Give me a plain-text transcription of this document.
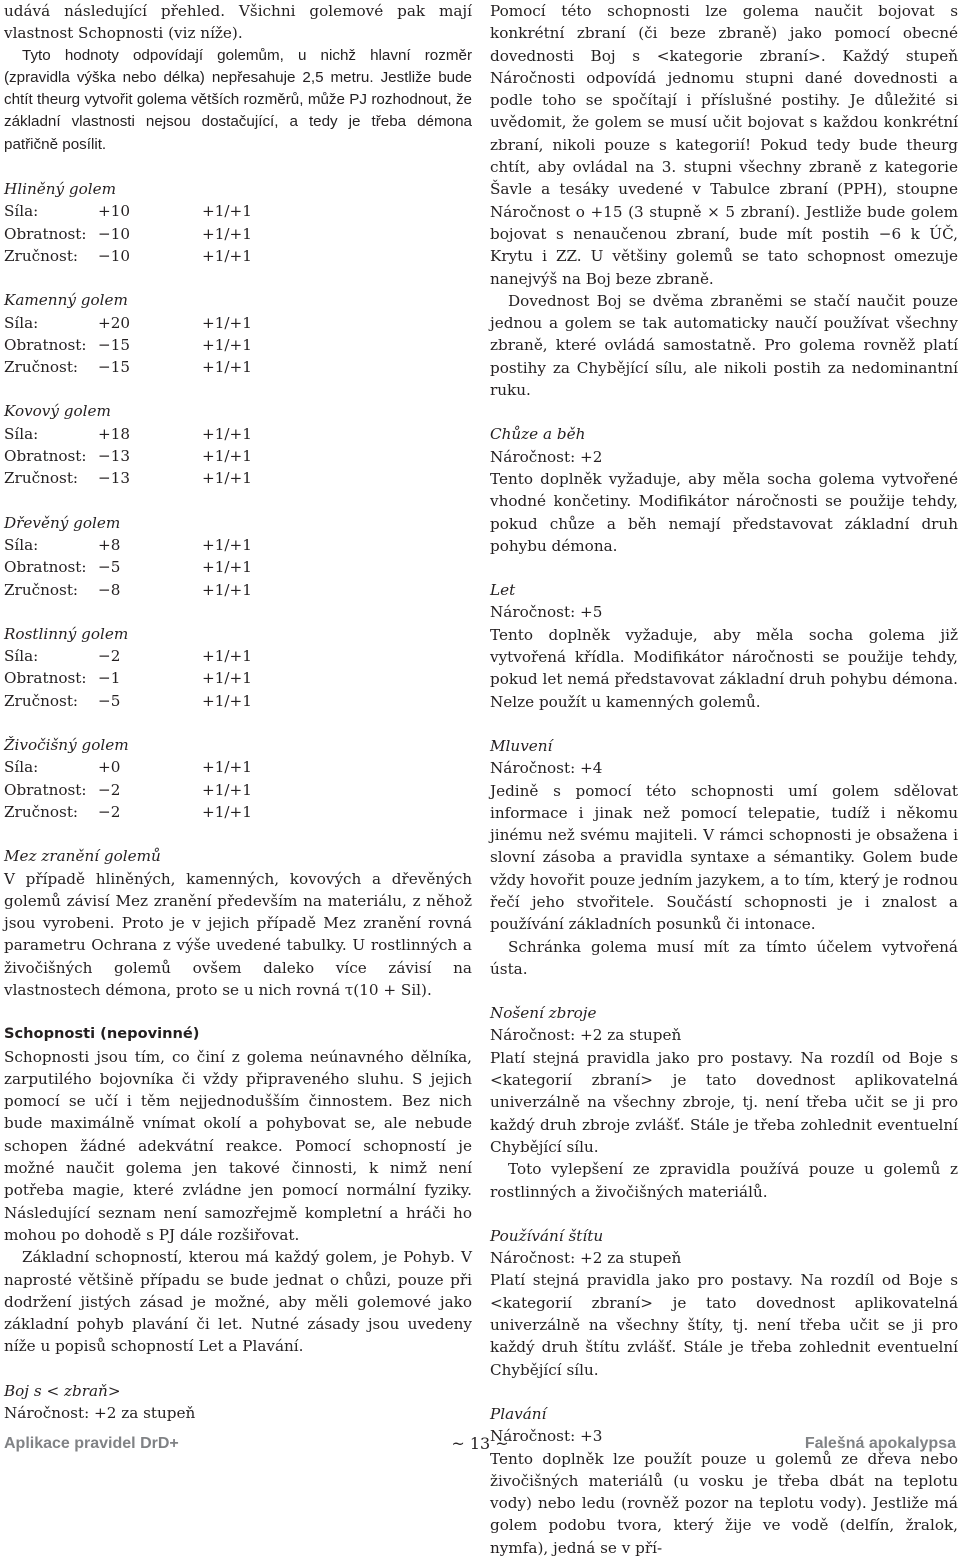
udává následující přehled. Všichni golemové pak mají vlastnost Schopnosti (viz níže).

Tyto hodnoty odpovídají golemům, u nichž hlavní rozměr (zpravidla výška nebo délka) nepřesahuje 2,5 metru. Jestliže bude chtít theurg vytvořit golema větších rozměrů, může PJ rozhodnout, že základní vlastnosti nejsou dostačující, a tedy je třeba démona patřičně posílit.

Hliněný golem

Síla:	+10	+1/+1
Obratnost: −10	+1/+1
Zručnost:	−10	+1/+1

Kamenný golem

Síla:	+20	+1/+1
Obratnost: −15	+1/+1
Zručnost:	−15	+1/+1

Kovový golem

Síla:	+18	+1/+1
Obratnost: −13	+1/+1
Zručnost:	−13	+1/+1

Dřevěný golem

Síla:	+8	+1/+1
Obratnost: −5	+1/+1
Zručnost:	−8	+1/+1

Rostlinný golem

Síla:	−2	+1/+1
Obratnost: −1	+1/+1
Zručnost:	−5	+1/+1

Živočišný golem

Síla:	+0	+1/+1
Obratnost: −2	+1/+1
Zručnost:	−2	+1/+1

Mez zranění golemů

V případě hliněných, kamenných, kovových a dřevěných golemů závisí Mez zranění především na materiálu, z něhož jsou vyrobeni. Proto je v jejich případě Mez zranění rovná parametru Ochrana z výše uvedené tabulky. U rostlinných a živočišných golemů ovšem daleko více závisí na vlastnostech démona, proto se u nich rovná τ(10 + Sil).

Schopnosti (nepovinné)

Schopnosti jsou tím, co činí z golema neúnavného dělníka, zarputilého bojovníka či vždy připraveného sluhu. S jejich pomocí se učí i těm nejjednodušším činnostem. Bez nich bude maximálně vnímat okolí a pohybovat se, ale nebude schopen žádné adekvátní reakce. Pomocí schopností je možné naučit golema jen takové činnosti, k nimž není potřeba magie, které zvládne jen pomocí normální fyziky. Následující seznam není samozřejmě kompletní a hráči ho mohou po dohodě s PJ dále rozšiřovat.

Základní schopností, kterou má každý golem, je Pohyb. V naprosté většině případu se bude jednat o chůzi, pouze při dodržení jistých zásad je možné, aby měli golemové jako základní pohyb plavání či let. Nutné zásady jsou uvedeny níže u popisů schopností Let a Plavání.

Boj s < zbraň>

Náročnost: +2 za stupeň

Pomocí této schopnosti lze golema naučit bojovat s konkrétní zbraní (či beze zbraně) jako pomocí obecné dovednosti Boj s <kategorie zbraní>. Každý stupeň Náročnosti odpovídá jednomu stupni dané dovednosti a podle toho se spočítají i příslušné postihy. Je důležité si uvědomit, že golem se musí učit bojovat s každou konkrétní zbraní, nikoli pouze s kategorií! Pokud tedy bude theurg chtít, aby ovládal na 3. stupni všechny zbraně z kategorie Šavle a tesáky uvedené v Tabulce zbraní (PPH), stoupne Náročnost o +15 (3 stupně × 5 zbraní). Jestliže bude golem bojovat s nenaučenou zbraní, bude mít postih −6 k ÚČ, Krytu i ZZ. U většiny golemů se tato schopnost omezuje nanejvýš na Boj beze zbraně.

Dovednost Boj se dvěma zbraněmi se stačí naučit pouze jednou a golem se tak automaticky naučí používat všechny zbraně, které ovládá samostatně. Pro golema rovněž platí postihy za Chybějící sílu, ale nikoli postih za nedominantní ruku.

Chůze a běh

Náročnost: +2

Tento doplněk vyžaduje, aby měla socha golema vytvořené vhodné končetiny. Modifikátor náročnosti se použije tehdy, pokud chůze a běh nemají představovat základní druh pohybu démona.

Let

Náročnost: +5

Tento doplněk vyžaduje, aby měla socha golema již vytvořená křídla. Modifikátor náročnosti se použije tehdy, pokud let nemá představovat základní druh pohybu démona. Nelze použít u kamenných golemů.

Mluvení

Náročnost: +4

Jedině s pomocí této schopnosti umí golem sdělovat informace i jinak než pomocí telepatie, tudíž i někomu jinému než svému majiteli. V rámci schopnosti je obsažena i slovní zásoba a pravidla syntaxe a sémantiky. Golem bude vždy hovořit pouze jedním jazykem, a to tím, který je rodnou řečí jeho stvořitele. Součástí schopnosti je i znalost a používání základních posunků či intonace.

Schránka golema musí mít za tímto účelem vytvořená ústa.

Nošení zbroje

Náročnost: +2 za stupeň

Platí stejná pravidla jako pro postavy. Na rozdíl od Boje s <kategorií zbraní> je tato dovednost aplikovatelná univerzálně na všechny zbroje, tj. není třeba učit se ji pro každý druh zbroje zvlášť. Stále je třeba zohlednit eventuelní Chybějící sílu.

Toto vylepšení ze zpravidla používá pouze u golemů z rostlinných a živočišných materiálů.

Používání štítu

Náročnost: +2 za stupeň

Platí stejná pravidla jako pro postavy. Na rozdíl od Boje s <kategorií zbraní> je tato dovednost aplikovatelná univerzálně na všechny štíty, tj. není třeba učit se ji pro každý druh štítu zvlášť. Stále je třeba zohlednit eventuelní Chybějící sílu.

Plavání

Náročnost: +3

Tento doplněk lze použít pouze u golemů ze dřeva nebo živočišných materiálů (u vosku je třeba dbát na teplotu vody) nebo ledu (rovněž pozor na teplotu vody). Jestliže má golem podobu tvora, který žije ve vodě (delfín, žralok, nymfa), jedná se v pří-

Aplikace pravidel DrD+	~ 13 ~	Falešná apokalypsa
